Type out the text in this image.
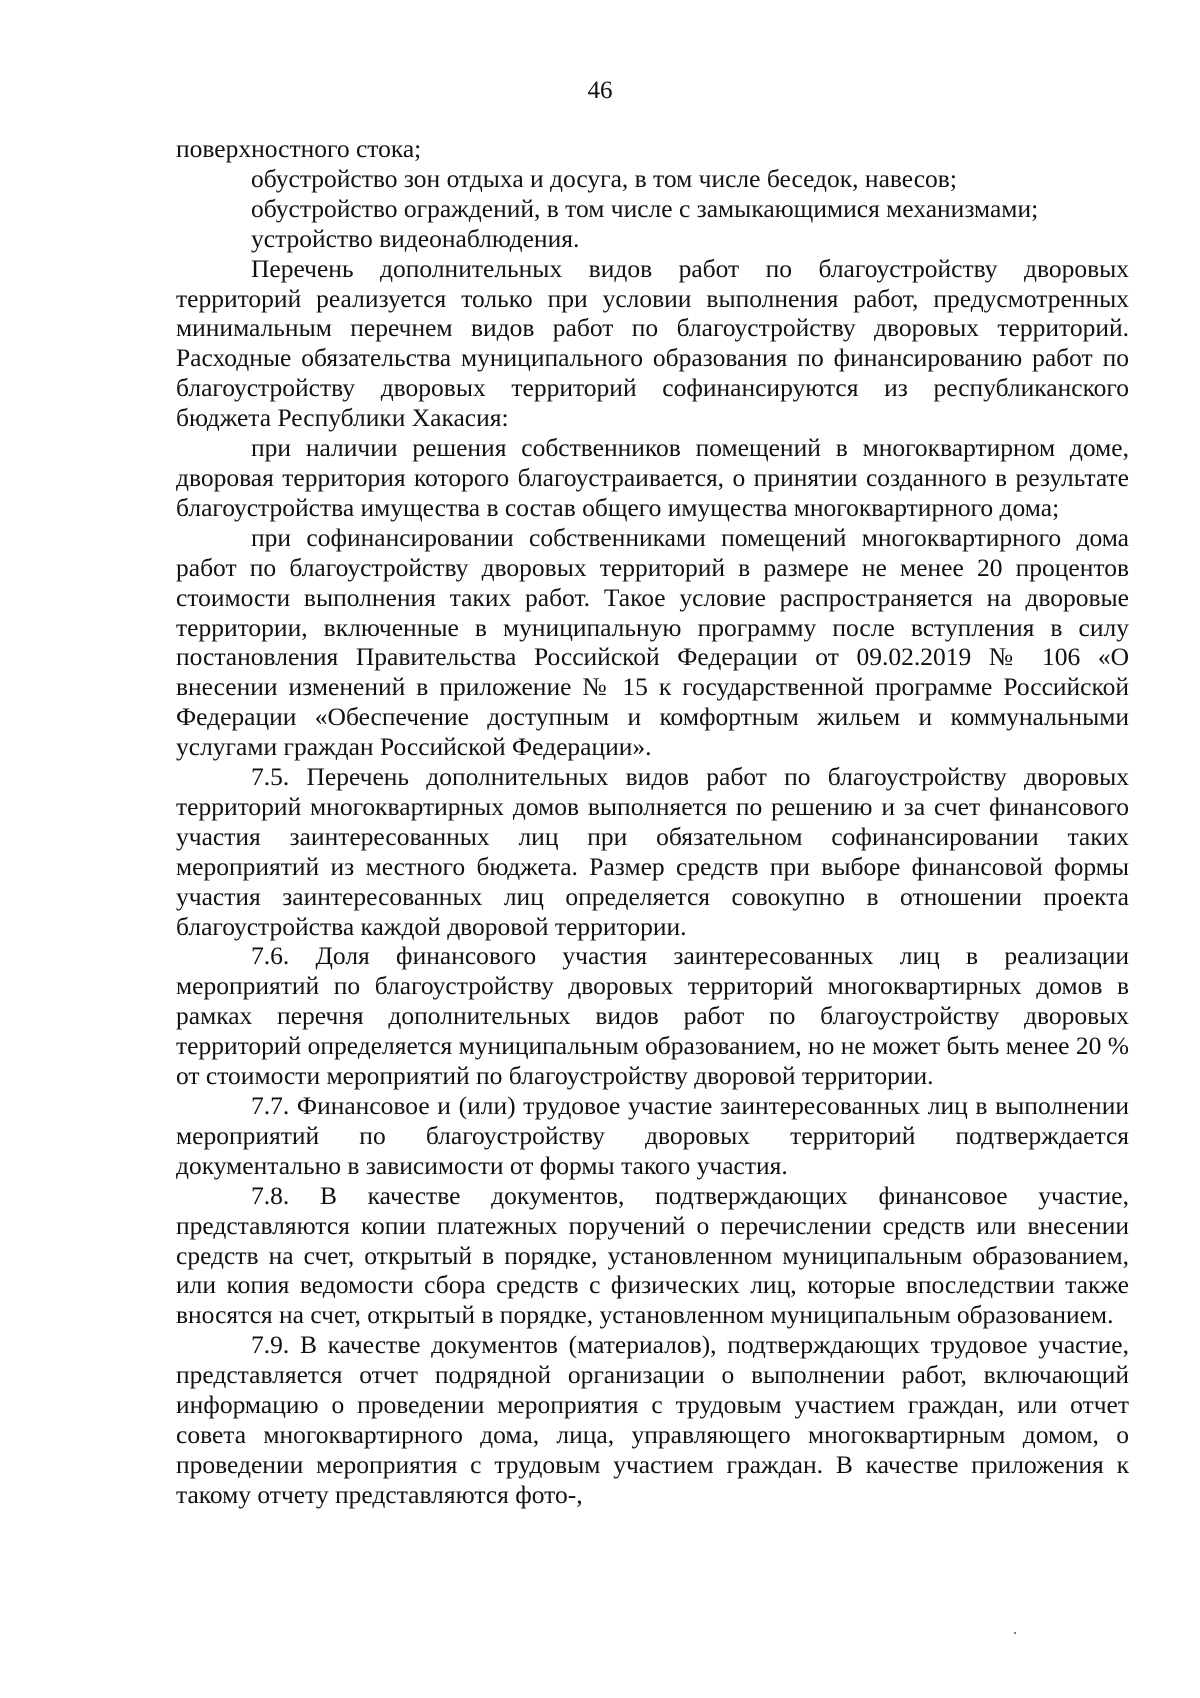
46

поверхностного стока;

обустройство зон отдыха и досуга, в том числе беседок, навесов;

обустройство ограждений, в том числе с замыкающимися механизмами;

устройство видеонаблюдения.

Перечень дополнительных видов работ по благоустройству дворовых территорий реализуется только при условии выполнения работ, предусмотренных минимальным перечнем видов работ по благоустройству дворовых территорий. Расходные обязательства муниципального образования по финансированию работ по благоустройству дворовых территорий софинансируются из республиканского бюджета Республики Хакасия:

при наличии решения собственников помещений в многоквартирном доме, дворовая территория которого благоустраивается, о принятии созданного в результате благоустройства имущества в состав общего имущества многоквартирного дома;

при софинансировании собственниками помещений многоквартирного дома работ по благоустройству дворовых территорий в размере не менее 20 процентов стоимости выполнения таких работ. Такое условие распространяется на дворовые территории, включенные в муниципальную программу после вступления в силу постановления Правительства Российской Федерации от 09.02.2019 № 106 «О внесении изменений в приложение № 15 к государственной программе Российской Федерации «Обеспечение доступным и комфортным жильем и коммунальными услугами граждан Российской Федерации».

7.5. Перечень дополнительных видов работ по благоустройству дворовых территорий многоквартирных домов выполняется по решению и за счет финансового участия заинтересованных лиц при обязательном софинансировании таких мероприятий из местного бюджета. Размер средств при выборе финансовой формы участия заинтересованных лиц определяется совокупно в отношении проекта благоустройства каждой дворовой территории.

7.6. Доля финансового участия заинтересованных лиц в реализации мероприятий по благоустройству дворовых территорий многоквартирных домов в рамках перечня дополнительных видов работ по благоустройству дворовых территорий определяется муниципальным образованием, но не может быть менее 20 % от стоимости мероприятий по благоустройству дворовой территории.

7.7. Финансовое и (или) трудовое участие заинтересованных лиц в выполнении мероприятий по благоустройству дворовых территорий подтверждается документально в зависимости от формы такого участия.

7.8. В качестве документов, подтверждающих финансовое участие, представляются копии платежных поручений о перечислении средств или внесении средств на счет, открытый в порядке, установленном муниципальным образованием, или копия ведомости сбора средств с физических лиц, которые впоследствии также вносятся на счет, открытый в порядке, установленном муниципальным образованием.

7.9. В качестве документов (материалов), подтверждающих трудовое участие, представляется отчет подрядной организации о выполнении работ, включающий информацию о проведении мероприятия с трудовым участием граждан, или отчет совета многоквартирного дома, лица, управляющего многоквартирным домом, о проведении мероприятия с трудовым участием граждан. В качестве приложения к такому отчету представляются фото-,
